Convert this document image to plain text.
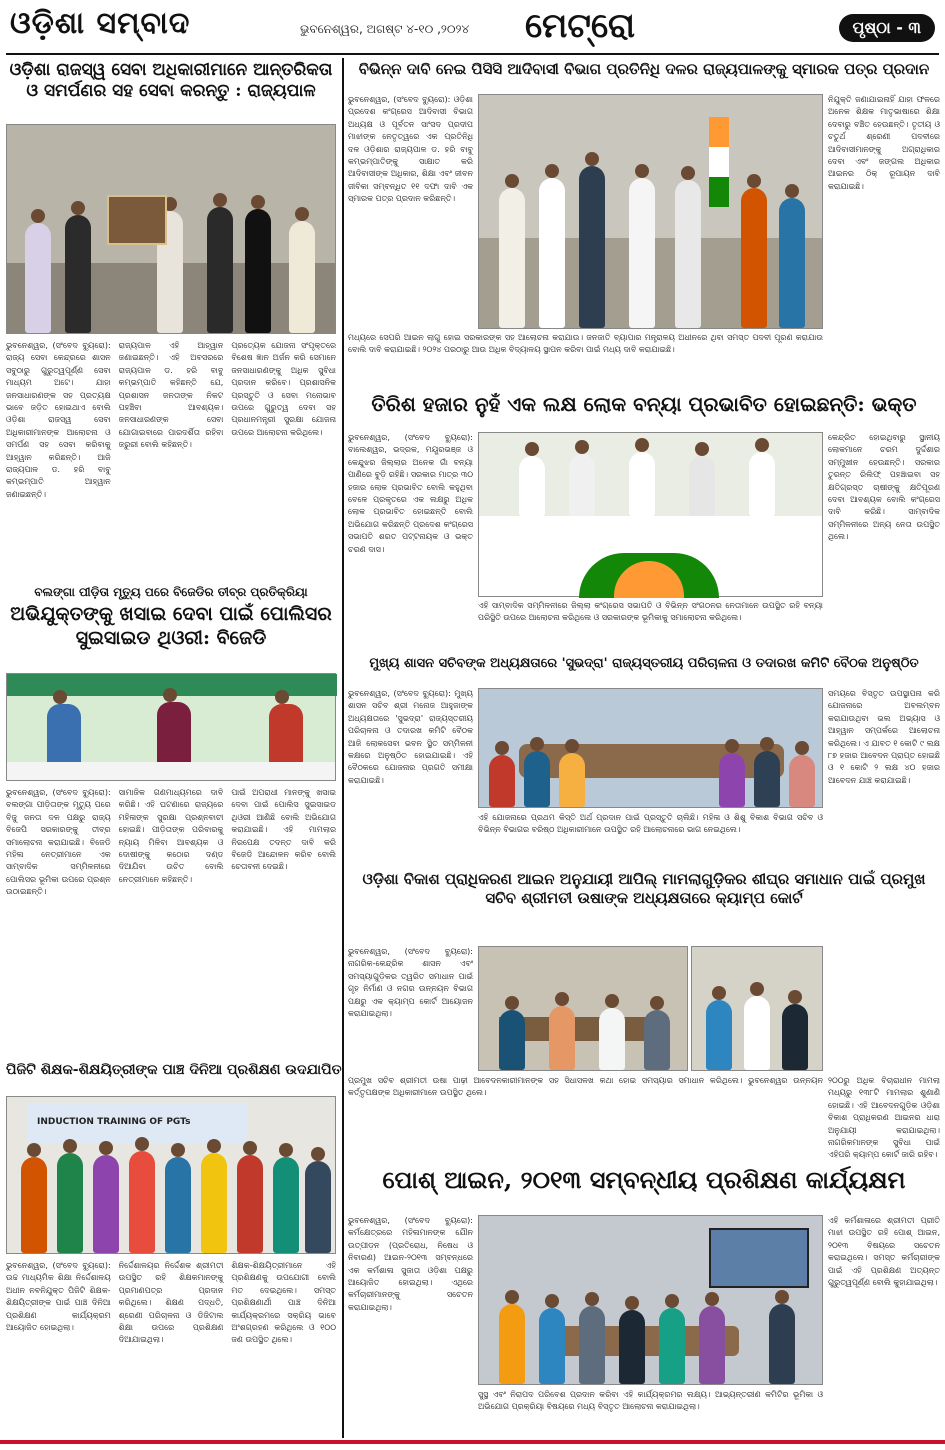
ଓଡ଼ିଶା ସମ୍ବାଦ	ଭୁବନେଶ୍ୱର, ଅଗଷ୍ଟ ୪-୧୦ ,୨୦୨୪	ମେଟ୍ରୋ	ପୃଷ୍ଠା - ୩
ଓଡ଼ିଶା ରାଜସ୍ୱ ସେବା ଅଧିକାରୀମାନେ ଆନ୍ତରିକତା ଓ ସମର୍ପଣର ସହ ସେବା କରନ୍ତୁ : ରାଜ୍ୟପାଳ

ଭୁବନେଶ୍ୱର, (ସଂବେଦ ବ୍ୟୁରୋ): ରାଜ୍ୟ ସେବା କେନ୍ଦ୍ରରେ ଶାସନ ସବୁଠାରୁ ଗୁରୁତ୍ୱପୂର୍ଣ୍ଣ ସେବା ମାଧ୍ୟମ ଅଟେ। ଯାହା ଜନସାଧାରଣଙ୍କ ସହ ପ୍ରତ୍ୟକ୍ଷ ଭାବେ ଜଡ଼ିତ ହୋଇଥାଏ ବୋଲି ଓଡ଼ିଶା ରାଜସ୍ୱ ସେବା ଅଧିକାରୀମାନଙ୍କ ଆଲୋଚନା ଓ ସମର୍ପଣ ସହ ସେବା କରିବାକୁ ଆହ୍ୱାନ କରିଛନ୍ତି। ଆଜି ରାଜ୍ୟପାଳ ଡ. ହରି ବାବୁ କମ୍ଭମ୍ପାତି ଆହ୍ୱାନ ଜଣାଇଛନ୍ତି।

ରାଜ୍ୟପାଳ ଏହି ଆହ୍ୱାନ ଜଣାଇଛନ୍ତି। ଏହି ଅବସରରେ ରାଜ୍ୟପାଳ ଡ. ହରି ବାବୁ କମ୍ଭମ୍ପାତି କହିଛନ୍ତି ଯେ, ପ୍ରଶାସନ ଜନତାଙ୍କ ନିକଟ ପହଞ୍ଚିବା ଆବଶ୍ୟକ। ଜନସାଧାରଣଙ୍କ ସେବା ଯୋଗାଇବାରେ ପାରଦର୍ଶିତା ରହିବା ଜରୁରୀ ବୋଲି କହିଛନ୍ତି।

ପ୍ରତ୍ୟେକ ଯୋଜନା ସଂପୃକ୍ତରେ ବିଶେଷ ଜ୍ଞାନ ଅର୍ଜନ କରି ସେମାନେ ଜନସାଧାରଣଙ୍କୁ ଅଧିକ ସୁବିଧା ପ୍ରଦାନ କରିବେ। ପ୍ରଶାସନିକ ପ୍ରସ୍ତୁତି ଓ ସେବା ମନୋଭାବ ଉପରେ ଗୁରୁତ୍ୱ ଦେବା ସହ ପ୍ରଧାନମନ୍ତ୍ରୀ ସୁରକ୍ଷା ଯୋଜନା ଉପରେ ଆଲୋଚନା କରିଥିଲେ।

ବିଭିନ୍ନ ଦାବି ନେଇ ପିସିସି ଆଦିବାସୀ ବିଭାଗ ପ୍ରତିନିଧି ଦଳର ରାଜ୍ୟପାଳଙ୍କୁ ସ୍ମାରକ ପତ୍ର ପ୍ରଦାନ

ଭୁବନେଶ୍ୱର, (ସଂବେଦ ବ୍ୟୁରୋ): ଓଡ଼ିଶା ପ୍ରଦେଶ କଂଗ୍ରେସ ଆଦିବାସୀ ବିଭାଗ ଅଧ୍ୟକ୍ଷ ଓ ପୂର୍ବତନ ସାଂସଦ ପ୍ରଦୀପ ମାଝୀଙ୍କ ନେତୃତ୍ୱରେ ଏକ ପ୍ରତିନିଧି ଦଳ ଓଡ଼ିଶାର ରାଜ୍ୟପାଳ ଡ. ହରି ବାବୁ କମ୍ଭମ୍ପାତିଙ୍କୁ ସାକ୍ଷାତ କରି ଆଦିବାସୀଙ୍କ ଅଧିକାର, ଶିକ୍ଷା ଏବଂ ଜୀବନ ଜୀବିକା ସମ୍ବନ୍ଧିତ ୧୧ ଦଫା ଦାବି ଏକ ସ୍ମାରକ ପତ୍ର ପ୍ରଦାନ କରିଛନ୍ତି।

ନିଯୁକ୍ତି ଜଣାଯାଇନାହିଁ ଯାହା ଫଳରେ ଅନେକ ଶିକ୍ଷକ ମାତୃଭାଷାରେ ଶିକ୍ଷା ଦେବାରୁ ବଞ୍ଚିତ ହେଉଛନ୍ତି। ତୃତୀୟ ଓ ଚତୁର୍ଥ ଶ୍ରେଣୀ ପଦବୀରେ ଆଦିବାସୀମାନଙ୍କୁ ଅଗ୍ରାଧିକାର ଦେବା ଏବଂ ଜଙ୍ଗଲ ଅଧିକାର ଆଇନର ଠିକ୍ ରୂପାୟନ ଦାବି କରାଯାଇଛି।

ମଧ୍ୟରେ ସେପରି ଆଇନ ଲାଗୁ ହୋଇ ସରକାରଙ୍କ ସହ ଆଲୋଚନା କରାଯାଉ। ଜନଜାତି ବ୍ୟାପାର ମନ୍ତ୍ରାଳୟ ଅଧୀନରେ ଥିବା ସମସ୍ତ ପଦବୀ ପୂରଣ କରାଯାଉ ବୋଲି ଦାବି କରାଯାଇଛି। ୨୦୨୪ ପରଠାରୁ ଆଉ ଅଧିକ ବିଦ୍ୟାଳୟ ସ୍ଥାପନ କରିବା ପାଇଁ ମଧ୍ୟ ଦାବି କରାଯାଇଛି।

ତିରିଶ ହଜାର ନୁହଁ ଏକ ଲକ୍ଷ ଲୋକ ବନ୍ୟା ପ୍ରଭାବିତ ହୋଇଛନ୍ତି: ଭକ୍ତ

ଭୁବନେଶ୍ୱର, (ସଂବେଦ ବ୍ୟୁରୋ): ବାଲେଶ୍ୱର, ଭଦ୍ରକ, ମୟୂରଭଞ୍ଜ ଓ କେନ୍ଦୁଝର ଜିଲ୍ଲାର ଅନେକ ଗାଁ ବନ୍ୟା ପାଣିରେ ବୁଡ଼ି ରହିଛି। ସରକାର ମାତ୍ର ୩୦ ହଜାର ଲୋକ ପ୍ରଭାବିତ ବୋଲି କହୁଥିବା ବେଳେ ପ୍ରକୃତରେ ଏକ ଲକ୍ଷରୁ ଅଧିକ ଲୋକ ପ୍ରଭାବିତ ହୋଇଛନ୍ତି ବୋଲି ଅଭିଯୋଗ କରିଛନ୍ତି ପ୍ରଦେଶ କଂଗ୍ରେସ ସଭାପତି ଶରତ ପଟ୍ଟନାୟକ ଓ ଭକ୍ତ ଚରଣ ଦାସ।

କେନ୍ଦ୍ରିତ ହୋଇଥିବାରୁ ସ୍ଥାନୀୟ ଲୋକମାନେ ଚରମ ଦୁର୍ଦ୍ଦଶାର ସମ୍ମୁଖୀନ ହେଉଛନ୍ତି। ସରକାର ତୁରନ୍ତ ରିଲିଫ୍ ପହଞ୍ଚାଇବା ସହ କ୍ଷତିଗ୍ରସ୍ତ ଚାଷୀଙ୍କୁ କ୍ଷତିପୂରଣ ଦେବା ଆବଶ୍ୟକ ବୋଲି କଂଗ୍ରେସ ଦାବି କରିଛି। ସାମ୍ବାଦିକ ସମ୍ମିଳନୀରେ ଅନ୍ୟ ନେତା ଉପସ୍ଥିତ ଥିଲେ।

ଏହି ସାମ୍ବାଦିକ ସମ୍ମିଳନୀରେ ଜିଲ୍ଲା କଂଗ୍ରେସ ସଭାପତି ଓ ବିଭିନ୍ନ ସଂଗଠନର ନେତାମାନେ ଉପସ୍ଥିତ ରହି ବନ୍ୟା ପରିସ୍ଥିତି ଉପରେ ଆଲୋଚନା କରିଥିଲେ ଓ ସରକାରଙ୍କ ଭୂମିକାକୁ ସମାଲୋଚନା କରିଥିଲେ।

ବଲଙ୍ଗା ପୀଡ଼ିତା ମୃତ୍ୟୁ ପରେ ବିଜେଡିର ତୀବ୍ର ପ୍ରତିକ୍ରିୟା
ଅଭିଯୁକ୍ତଙ୍କୁ ଖସାଇ ଦେବା ପାଇଁ ପୋଲିସର ସୁଇସାଇଡ ଥିଓରୀ: ବିଜେଡି

ଭୁବନେଶ୍ୱର, (ସଂବେଦ ବ୍ୟୁରୋ): ବଲଙ୍ଗା ପୀଡ଼ିତାଙ୍କ ମୃତ୍ୟୁ ପରେ ବିଜୁ ଜନତା ଦଳ ପକ୍ଷରୁ ରାଜ୍ୟ ବିଜେପି ସରକାରଙ୍କୁ ତୀବ୍ର ସମାଲୋଚନା କରାଯାଇଛି। ବିଜେଡି ମହିଳା ନେତ୍ରୀମାନେ ଏକ ସାମ୍ବାଦିକ ସମ୍ମିଳନୀରେ ପୋଲିସର ଭୂମିକା ଉପରେ ପ୍ରଶ୍ନ ଉଠାଇଛନ୍ତି।

ସାମାଜିକ ଗଣମାଧ୍ୟମରେ ଦାବି କରିଛି। ଏହି ଘଟଣାରେ ରାଜ୍ୟରେ ମହିଳାଙ୍କ ସୁରକ୍ଷା ପ୍ରଶ୍ନବାଚୀ ହୋଇଛି। ପୀଡ଼ିତାଙ୍କ ପରିବାରକୁ ନ୍ୟାୟ ମିଳିବା ଆବଶ୍ୟକ ଓ ଦୋଷୀଙ୍କୁ କଠୋର ଦଣ୍ଡ ଦିଆଯିବା ଉଚିତ ବୋଲି ନେତ୍ରୀମାନେ କହିଛନ୍ତି।

ପାଇଁ ଅପରାଧୀ ମାନଙ୍କୁ ଖସାଇ ଦେବା ପାଇଁ ପୋଲିସ ସୁଇସାଇଡ ଥିଓରୀ ଆଣିଛି ବୋଲି ଅଭିଯୋଗ କରାଯାଇଛି। ଏହି ମାମଲାର ନିରପେକ୍ଷ ତଦନ୍ତ ଦାବି କରି ବିଜେଡି ଆନ୍ଦୋଳନ କରିବ ବୋଲି ଚେତାବନୀ ଦେଇଛି।

ମୁଖ୍ୟ ଶାସନ ସଚିବଙ୍କ ଅଧ୍ୟକ୍ଷତାରେ 'ସୁଭଦ୍ରା' ରାଜ୍ୟସ୍ତରୀୟ ପରିଚାଳନା ଓ ତଦାରଖ କମିଟି ବୈଠକ ଅନୁଷ୍ଠିତ

ଭୁବନେଶ୍ୱର, (ସଂବେଦ ବ୍ୟୁରୋ): ମୁଖ୍ୟ ଶାସନ ସଚିବ ଶ୍ରୀ ମନୋଜ ଆହୁଜାଙ୍କ ଅଧ୍ୟକ୍ଷତାରେ 'ସୁଭଦ୍ରା' ରାଜ୍ୟସ୍ତରୀୟ ପରିଚାଳନା ଓ ତଦାରଖ କମିଟି ବୈଠକ ଆଜି ଲୋକସେବା ଭବନ ସ୍ଥିତ ସମ୍ମିଳନୀ କକ୍ଷରେ ଅନୁଷ୍ଠିତ ହୋଇଯାଇଛି। ଏହି ବୈଠକରେ ଯୋଜନାର ପ୍ରଗତି ସମୀକ୍ଷା କରାଯାଇଛି।

ସମୟରେ ବିସ୍ତୃତ ଉପସ୍ଥାପନା କରି ଯୋଜନାରେ ଅବଲମ୍ବନ କରାଯାଉଥିବା ଭଲ ଅଭ୍ୟାସ ଓ ଆହ୍ୱାନ ସମ୍ପର୍କରେ ଆଲୋଚନା କରିଥିଲେ। ଏ ଯାବତ ୧ କୋଟି ୯ ଲକ୍ଷ ୮୭ ହଜାର ଆବେଦନ ପ୍ରାପ୍ତ ହୋଇଛି ଓ ୧ କୋଟି ୨ ଲକ୍ଷ ୪୦ ହଜାର ଆବେଦନ ଯାଞ୍ଚ କରାଯାଇଛି।

ଏହି ଯୋଜନାରେ ପ୍ରଥମ କିସ୍ତି ଅର୍ଥ ପ୍ରଦାନ ପାଇଁ ପ୍ରସ୍ତୁତି ଚାଲିଛି। ମହିଳା ଓ ଶିଶୁ ବିକାଶ ବିଭାଗ ସଚିବ ଓ ବିଭିନ୍ନ ବିଭାଗର ବରିଷ୍ଠ ଅଧିକାରୀମାନେ ଉପସ୍ଥିତ ରହି ଆଲୋଚନାରେ ଭାଗ ନେଇଥିଲେ।

ଓଡ଼ିଶା ବିକାଶ ପ୍ରାଧିକରଣ ଆଇନ ଅନୁଯାୟୀ ଆପିଲ୍ ମାମଲାଗୁଡ଼ିକର ଶୀଘ୍ର ସମାଧାନ ପାଇଁ ପ୍ରମୁଖ ସଚିବ ଶ୍ରୀମତୀ ଉଷାଙ୍କ ଅଧ୍ୟକ୍ଷତାରେ କ୍ୟାମ୍ପ କୋର୍ଟ

ଭୁବନେଶ୍ୱର, (ସଂବେଦ ବ୍ୟୁରୋ): ନାଗରିକ-କେନ୍ଦ୍ରିକ ଶାସନ ଏବଂ ସମସ୍ୟାଗୁଡ଼ିକର ତ୍ୱରିତ ସମାଧାନ ପାଇଁ ଗୃହ ନିର୍ମାଣ ଓ ନଗର ଉନ୍ନୟନ ବିଭାଗ ପକ୍ଷରୁ ଏକ କ୍ୟାମ୍ପ କୋର୍ଟ ଆୟୋଜନ କରାଯାଇଥିଲା।

୨୦୦ରୁ ଅଧିକ ବିଚାରାଧୀନ ମାମଲା ମଧ୍ୟରୁ ୧୩୮ଟି ମାମଲାର ଶୁଣାଣି ହୋଇଛି। ଏହି ଆବେଦନଗୁଡ଼ିକ ଓଡ଼ିଶା ବିକାଶ ପ୍ରାଧିକରଣ ଆଇନର ଧାରା ଅନୁଯାୟୀ କରାଯାଇଥିଲା। ନାଗରିକମାନଙ୍କ ସୁବିଧା ପାଇଁ ଏହିପରି କ୍ୟାମ୍ପ କୋର୍ଟ ଜାରି ରହିବ।

ପ୍ରମୁଖ ସଚିବ ଶ୍ରୀମତୀ ଉଷା ପାଢ଼ୀ ଆବେଦନକାରୀମାନଙ୍କ ସହ ସିଧାସଳଖ କଥା ହୋଇ ସମସ୍ୟାର ସମାଧାନ କରିଥିଲେ। ଭୁବନେଶ୍ୱର ଉନ୍ନୟନ କର୍ତ୍ତୃପକ୍ଷଙ୍କ ଅଧିକାରୀମାନେ ଉପସ୍ଥିତ ଥିଲେ।

ପିଜିଟି ଶିକ୍ଷକ-ଶିକ୍ଷୟିତ୍ରୀଙ୍କ ପାଞ୍ଚ ଦିନିଆ ପ୍ରଶିକ୍ଷଣ ଉଦଯାପିତ
INDUCTION TRAINING OF PGTs

ଭୁବନେଶ୍ୱର, (ସଂବେଦ ବ୍ୟୁରୋ): ଉଚ୍ଚ ମାଧ୍ୟମିକ ଶିକ୍ଷା ନିର୍ଦ୍ଦେଶାଳୟ ଅଧୀନ ନବନିଯୁକ୍ତ ପିଜିଟି ଶିକ୍ଷକ-ଶିକ୍ଷୟିତ୍ରୀଙ୍କ ପାଇଁ ପାଞ୍ଚ ଦିନିଆ ପ୍ରଶିକ୍ଷଣ କାର୍ଯ୍ୟକ୍ରମ ଆୟୋଜିତ ହୋଇଥିଲା।

ନିର୍ଦ୍ଦେଶାଳୟର ନିର୍ଦ୍ଦେଶକ ଶ୍ରୀମତୀ ଉପସ୍ଥିତ ରହି ଶିକ୍ଷକମାନଙ୍କୁ ପ୍ରମାଣପତ୍ର ପ୍ରଦାନ କରିଥିଲେ। ଶିକ୍ଷଣ ପଦ୍ଧତି, ଶ୍ରେଣୀ ପରିଚାଳନା ଓ ଡିଜିଟାଲ ଶିକ୍ଷା ଉପରେ ପ୍ରଶିକ୍ଷଣ ଦିଆଯାଇଥିଲା।

ଶିକ୍ଷକ-ଶିକ୍ଷୟିତ୍ରୀମାନେ ଏହି ପ୍ରଶିକ୍ଷଣକୁ ଉପଯୋଗୀ ବୋଲି ମତ ଦେଇଥିଲେ। ସମସ୍ତ ପ୍ରଶିକ୍ଷଣାର୍ଥୀ ପାଞ୍ଚ ଦିନିଆ କାର୍ଯ୍ୟକ୍ରମରେ ସକ୍ରିୟ ଭାବେ ଅଂଶଗ୍ରହଣ କରିଥିଲେ ଓ ୧୦୦ ଜଣ ଉପସ୍ଥିତ ଥିଲେ।

ପୋଶ୍ ଆଇନ, ୨୦୧୩ ସମ୍ବନ୍ଧୀୟ ପ୍ରଶିକ୍ଷଣ କାର୍ଯ୍ୟକ୍ଷମ

ଭୁବନେଶ୍ୱର, (ସଂବେଦ ବ୍ୟୁରୋ): କର୍ମକ୍ଷେତ୍ରରେ ମହିଳାମାନଙ୍କ ଯୌନ ଉତ୍ପୀଡ଼ନ (ପ୍ରତିରୋଧ, ନିଷେଧ ଓ ନିବାରଣ) ଆଇନ-୨୦୧୩ ସମ୍ବନ୍ଧରେ ଏକ କର୍ମଶାଳା ସୁଜାତା ଓଡ଼ିଶା ପକ୍ଷରୁ ଆୟୋଜିତ ହୋଇଥିଲା। ଏଥିରେ କର୍ମଚାରୀମାନଙ୍କୁ ସଚେତନ କରାଯାଇଥିଲା।

ଏହି କର୍ମଶାଳାରେ ଶ୍ରୀମତୀ ପ୍ରୀତି ମାଝୀ ଉପସ୍ଥିତ ରହି ପୋଶ୍ ଆଇନ, ୨୦୧୩ ବିଷୟରେ ସଚେତନ କରାଇଥିଲେ। ସମସ୍ତ କର୍ମଚାରୀଙ୍କ ପାଇଁ ଏହି ପ୍ରଶିକ୍ଷଣ ଅତ୍ୟନ୍ତ ଗୁରୁତ୍ୱପୂର୍ଣ୍ଣ ବୋଲି କୁହାଯାଇଥିଲା।

ସୁସ୍ଥ ଏବଂ ନିରାପଦ ପରିବେଶ ପ୍ରଦାନ କରିବା ଏହି କାର୍ଯ୍ୟକ୍ରମର ଲକ୍ଷ୍ୟ। ଆଭ୍ୟନ୍ତରୀଣ କମିଟିର ଭୂମିକା ଓ ଅଭିଯୋଗ ପ୍ରକ୍ରିୟା ବିଷୟରେ ମଧ୍ୟ ବିସ୍ତୃତ ଆଲୋଚନା କରାଯାଇଥିଲା।
